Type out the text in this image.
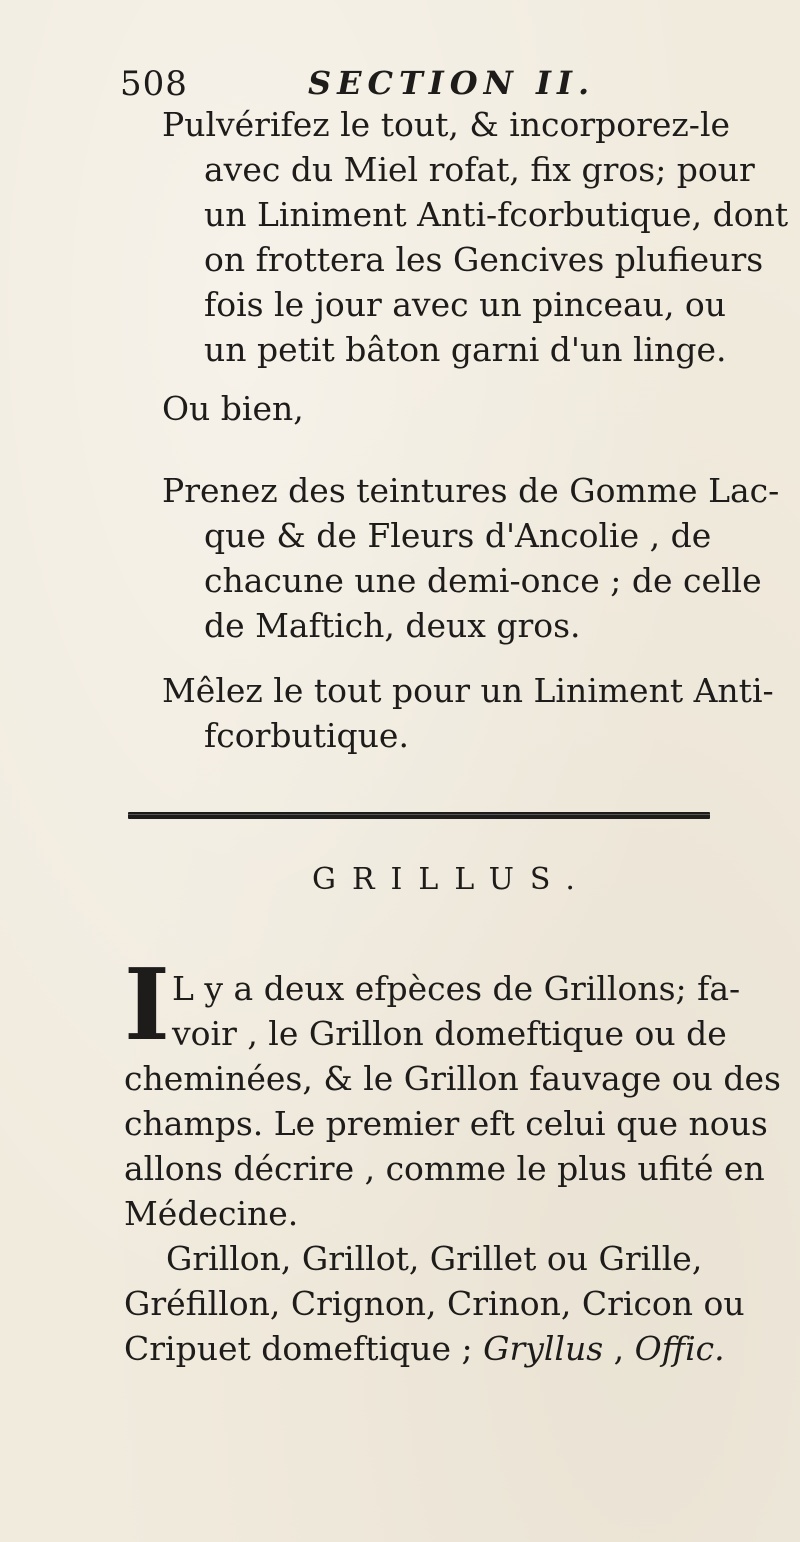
508	SECTION II.
Pulvérifez le tout, & incorporez-le
avec du Miel rofat, fix gros; pour
un Liniment Anti-fcorbutique, dont
on frottera les Gencives plufieurs
fois le jour avec un pinceau, ou
un petit bâton garni d'un linge.
Ou bien,
Prenez des teintures de Gomme Lac-
que & de Fleurs d'Ancolie , de
chacune une demi-once ; de celle
de Maftich, deux gros.
Mêlez le tout pour un Liniment Anti-
fcorbutique.
GRILLUS.
I L y a deux efpèces de Grillons; fa-
voir , le Grillon domeftique ou de
cheminées, & le Grillon fauvage ou des
champs. Le premier eft celui que nous
allons décrire , comme le plus ufité en
Médecine.
Grillon, Grillot, Grillet ou Grille,
Gréfillon, Crignon, Crinon, Cricon ou
Cripuet domeftique ; Gryllus , Offic.
